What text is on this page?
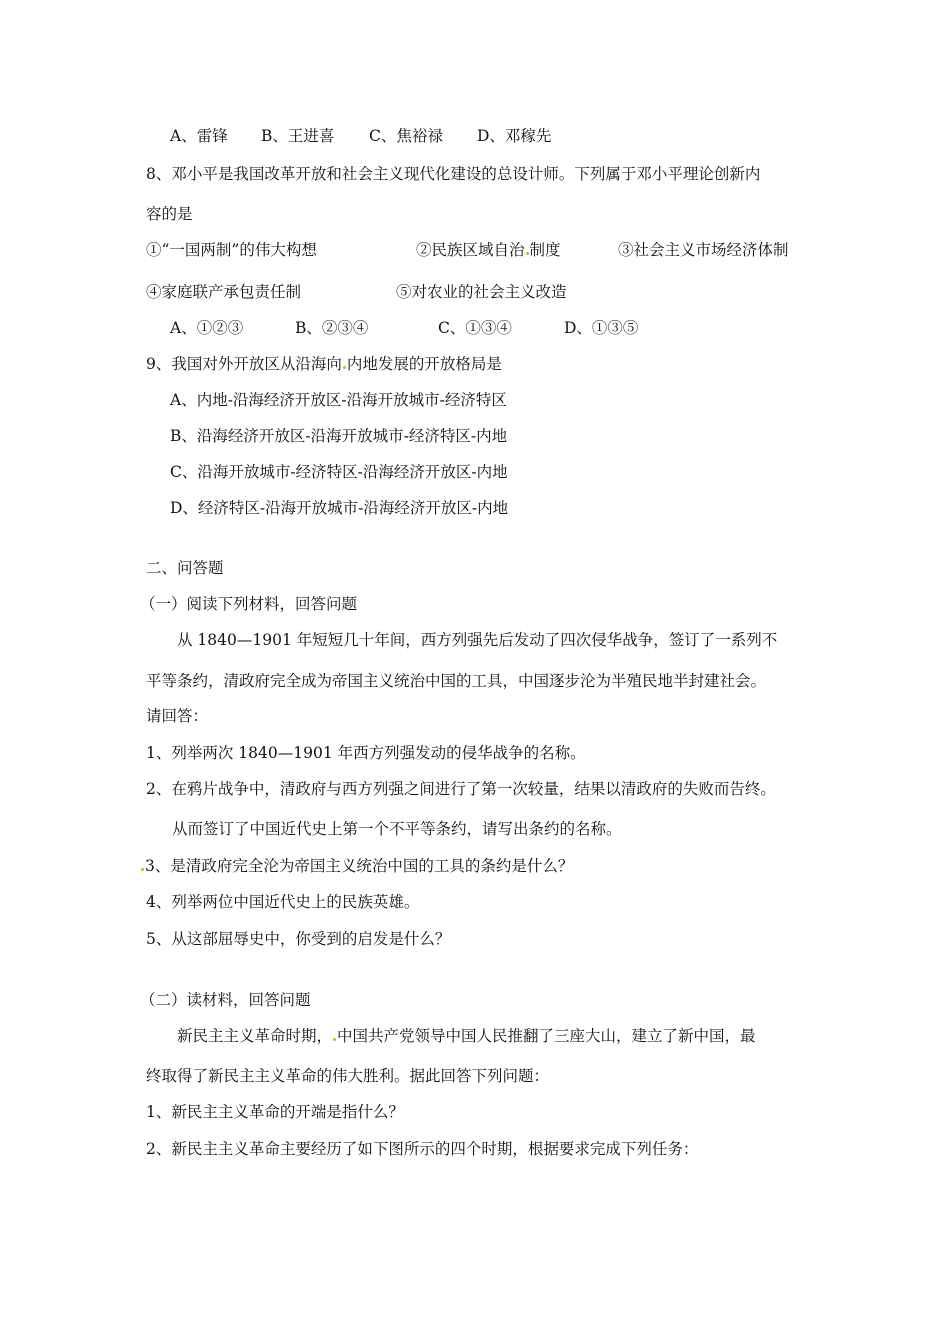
A、雷锋 B、王进喜 C、焦裕禄 D、邓稼先
8、邓小平是我国改革开放和社会主义现代化建设的总设计师。下列属于邓小平理论创新内
容的是
①“一国两制”的伟大构想	②民族区域自治 制度	③社会主义市场经济体制
④家庭联产承包责任制	⑤对农业的社会主义改造
A、①②③	B、②③④	C、①③④	D、①③⑤
9、我国对外开放区从沿海向 内地发展的开放格局是
A、内地-沿海经济开放区-沿海开放城市-经济特区
B、沿海经济开放区-沿海开放城市-经济特区-内地
C、沿海开放城市-经济特区-沿海经济开放区-内地
D、经济特区-沿海开放城市-沿海经济开放区-内地
二、问答题
（一）阅读下列材料，回答问题
从 1840—1901 年短短几十年间，西方列强先后发动了四次侵华战争，签订了一系列不
平等条约，清政府完全成为帝国主义统治中国的工具，中国逐步沦为半殖民地半封建社会。
请回答：
1、列举两次 1840—1901 年西方列强发动的侵华战争的名称。
2、在鸦片战争中，清政府与西方列强之间进行了第一次较量，结果以清政府的失败而告终。
从而签订了中国近代史上第一个不平等条约，请写出条约的名称。
3、是清政府完全沦为帝国主义统治中国的工具的条约是什么？
4、列举两位中国近代史上的民族英雄。
5、从这部屈辱史中，你受到的启发是什么？
（二）读材料，回答问题
新民主主义革命时期， 中国共产党领导中国人民推翻了三座大山，建立了新中国，最
终取得了新民主主义革命的伟大胜利。据此回答下列问题：
1、新民主主义革命的开端是指什么？
2、新民主主义革命主要经历了如下图所示的四个时期，根据要求完成下列任务：
